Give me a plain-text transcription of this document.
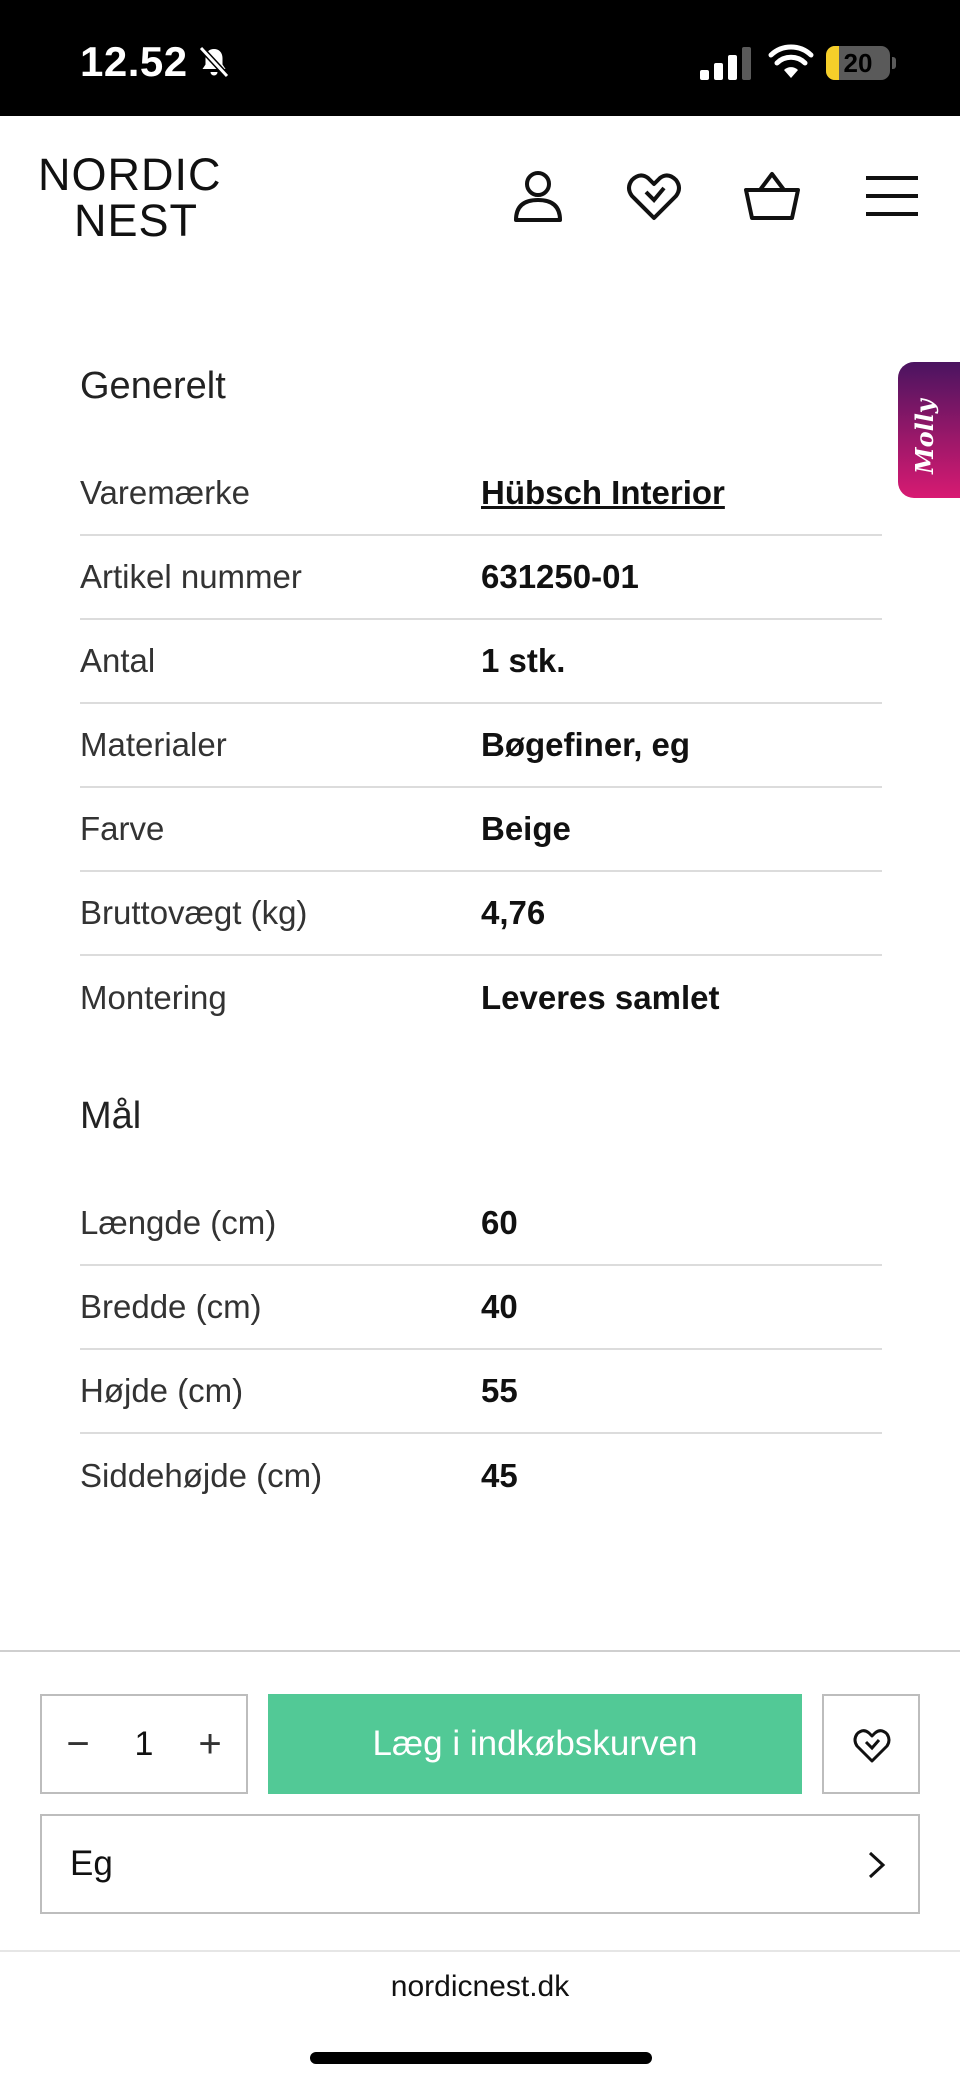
12.52	20
NORDIC
NEST
Molly
Generelt
Varemærke	Hübsch Interior
Artikel nummer	631250-01
Antal	1 stk.
Materialer	Bøgefiner, eg
Farve	Beige
Bruttovægt (kg)	4,76
Montering	Leveres samlet
Mål
Længde (cm)	60
Bredde (cm)	40
Højde (cm)	55
Siddehøjde (cm)	45
−	1	+	Læg i indkøbskurven
Eg
nordicnest.dk
